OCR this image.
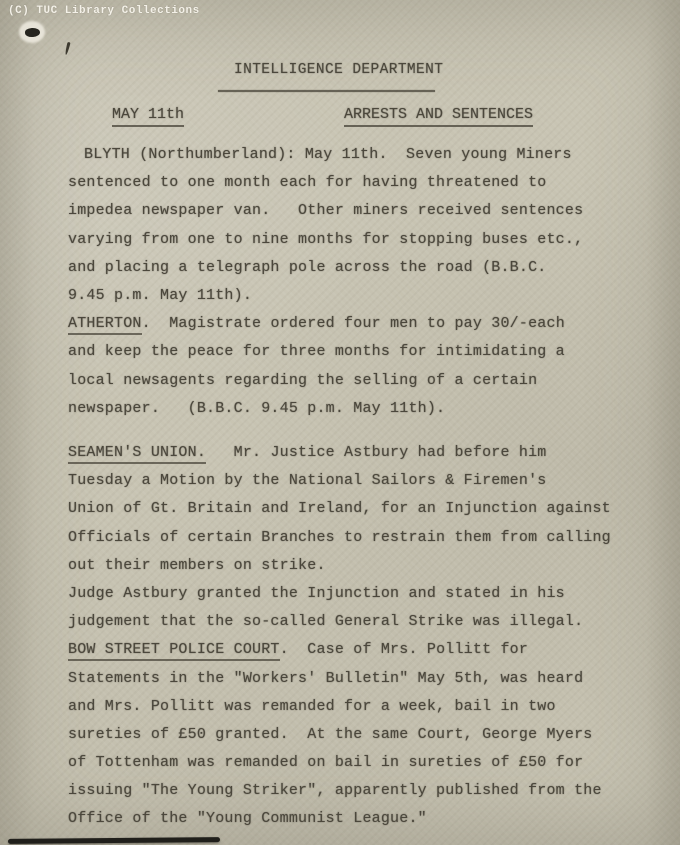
(C) TUC Library Collections
INTELLIGENCE DEPARTMENT
MAY 11th	ARRESTS AND SENTENCES
BLYTH (Northumberland): May 11th.  Seven young Miners
sentenced to one month each for having threatened to
impedea newspaper van.   Other miners received sentences
varying from one to nine months for stopping buses etc.,
and placing a telegraph pole across the road (B.B.C.
9.45 p.m. May 11th).
ATHERTON.  Magistrate ordered four men to pay 30/-each
and keep the peace for three months for intimidating a
local newsagents regarding the selling of a certain
newspaper.   (B.B.C. 9.45 p.m. May 11th).
SEAMEN'S UNION.   Mr. Justice Astbury had before him
Tuesday a Motion by the National Sailors & Firemen's
Union of Gt. Britain and Ireland, for an Injunction against
Officials of certain Branches to restrain them from calling
out their members on strike.
Judge Astbury granted the Injunction and stated in his
judgement that the so-called General Strike was illegal.
BOW STREET POLICE COURT.  Case of Mrs. Pollitt for
Statements in the "Workers' Bulletin" May 5th, was heard
and Mrs. Pollitt was remanded for a week, bail in two
sureties of £50 granted.  At the same Court, George Myers
of Tottenham was remanded on bail in sureties of £50 for
issuing "The Young Striker", apparently published from the
Office of the "Young Communist League."
